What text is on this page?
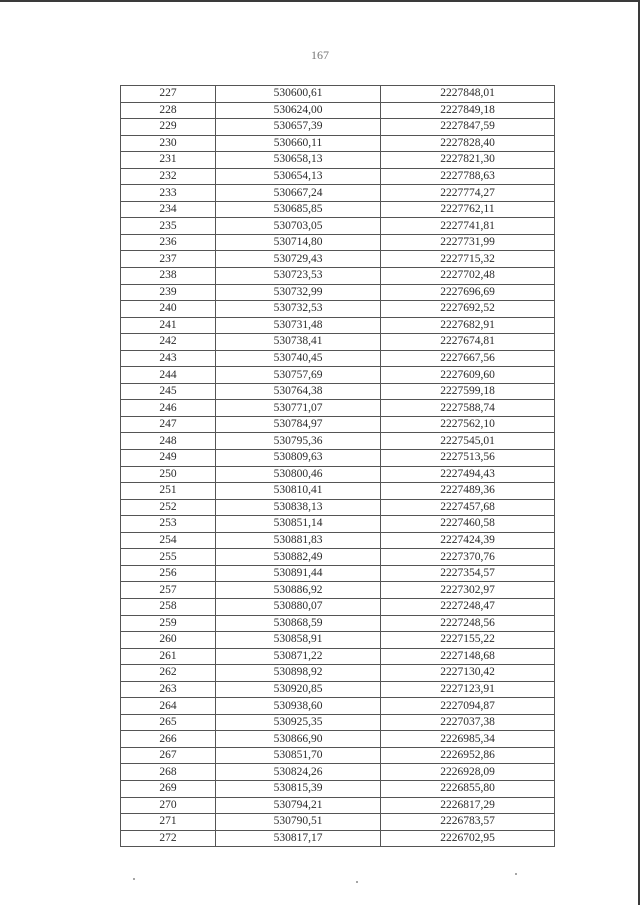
167
227	530600,61	2227848,01
228	530624,00	2227849,18
229	530657,39	2227847,59
230	530660,11	2227828,40
231	530658,13	2227821,30
232	530654,13	2227788,63
233	530667,24	2227774,27
234	530685,85	2227762,11
235	530703,05	2227741,81
236	530714,80	2227731,99
237	530729,43	2227715,32
238	530723,53	2227702,48
239	530732,99	2227696,69
240	530732,53	2227692,52
241	530731,48	2227682,91
242	530738,41	2227674,81
243	530740,45	2227667,56
244	530757,69	2227609,60
245	530764,38	2227599,18
246	530771,07	2227588,74
247	530784,97	2227562,10
248	530795,36	2227545,01
249	530809,63	2227513,56
250	530800,46	2227494,43
251	530810,41	2227489,36
252	530838,13	2227457,68
253	530851,14	2227460,58
254	530881,83	2227424,39
255	530882,49	2227370,76
256	530891,44	2227354,57
257	530886,92	2227302,97
258	530880,07	2227248,47
259	530868,59	2227248,56
260	530858,91	2227155,22
261	530871,22	2227148,68
262	530898,92	2227130,42
263	530920,85	2227123,91
264	530938,60	2227094,87
265	530925,35	2227037,38
266	530866,90	2226985,34
267	530851,70	2226952,86
268	530824,26	2226928,09
269	530815,39	2226855,80
270	530794,21	2226817,29
271	530790,51	2226783,57
272	530817,17	2226702,95
